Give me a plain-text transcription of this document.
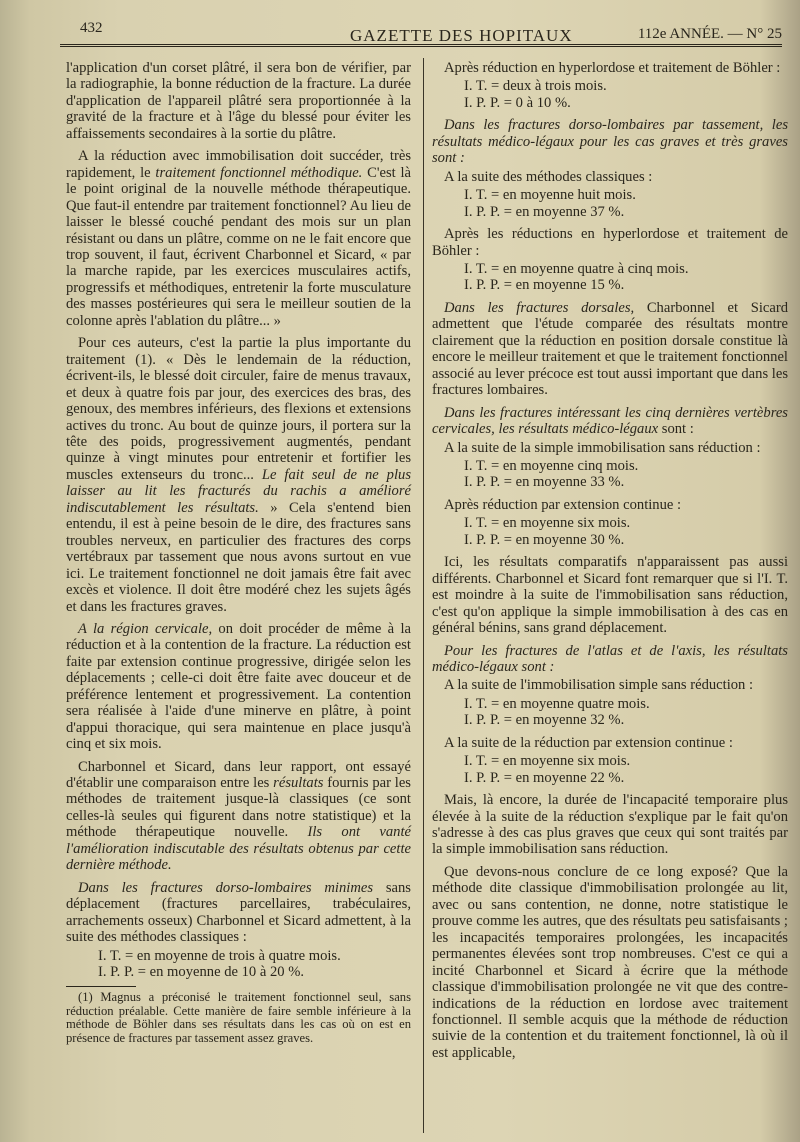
432	GAZETTE DES HOPITAUX	112e ANNÉE. — N° 25

l'application d'un corset plâtré, il sera bon de vérifier, par la radiographie, la bonne réduction de la fracture. La durée d'application de l'appareil plâtré sera proportionnée à la gravité de la fracture et à l'âge du blessé pour éviter les affaissements secondaires à la sortie du plâtre.

A la réduction avec immobilisation doit succéder, très rapidement, le traitement fonctionnel méthodique. C'est là le point original de la nouvelle méthode thérapeutique. Que faut-il entendre par traitement fonctionnel? Au lieu de laisser le blessé couché pendant des mois sur un plan résistant ou dans un plâtre, comme on ne le fait encore que trop souvent, il faut, écrivent Charbonnel et Sicard, « par la marche rapide, par les exercices musculaires actifs, progressifs et méthodiques, entretenir la forte musculature des masses postérieures qui sera le meilleur soutien de la colonne après l'ablation du plâtre... »

Pour ces auteurs, c'est la partie la plus importante du traitement (1). « Dès le lendemain de la réduction, écrivent-ils, le blessé doit circuler, faire de menus travaux, et deux à quatre fois par jour, des exercices des bras, des genoux, des membres inférieurs, des flexions et extensions actives du tronc. Au bout de quinze jours, il portera sur la tête des poids, progressivement augmentés, pendant quinze à vingt minutes pour entretenir et fortifier les muscles extenseurs du tronc... Le fait seul de ne plus laisser au lit les fracturés du rachis a amélioré indiscutablement les résultats. » Cela s'entend bien entendu, il est à peine besoin de le dire, des fractures sans troubles nerveux, en particulier des fractures des corps vertébraux par tassement que nous avons surtout en vue ici. Le traitement fonctionnel ne doit jamais être fait avec excès et violence. Il doit être modéré chez les sujets âgés et dans les fractures graves.

A la région cervicale, on doit procéder de même à la réduction et à la contention de la fracture. La réduction est faite par extension continue progressive, dirigée selon les déplacements ; celle-ci doit être faite avec douceur et de préférence lentement et progressivement. La contention sera réalisée à l'aide d'une minerve en plâtre, à point d'appui thoracique, qui sera maintenue en place jusqu'à cinq et six mois.

Charbonnel et Sicard, dans leur rapport, ont essayé d'établir une comparaison entre les résultats fournis par les méthodes de traitement jusque-là classiques (ce sont celles-là seules qui figurent dans notre statistique) et la méthode thérapeutique nouvelle. Ils ont vanté l'amélioration indiscutable des résultats obtenus par cette dernière méthode.

Dans les fractures dorso-lombaires minimes sans déplacement (fractures parcellaires, trabéculaires, arrachements osseux) Charbonnel et Sicard admettent, à la suite des méthodes classiques :

I. T. = en moyenne de trois à quatre mois.

I. P. P. = en moyenne de 10 à 20 %.

(1) Magnus a préconisé le traitement fonctionnel seul, sans réduction préalable. Cette manière de faire semble inférieure à la méthode de Böhler dans ses résultats dans les cas où on est en présence de fractures par tassement assez graves.

Après réduction en hyperlordose et traitement de Böhler :

I. T. = deux à trois mois.

I. P. P. = 0 à 10 %.

Dans les fractures dorso-lombaires par tassement, les résultats médico-légaux pour les cas graves et très graves sont :

A la suite des méthodes classiques :

I. T. = en moyenne huit mois.

I. P. P. = en moyenne 37 %.

Après les réductions en hyperlordose et traitement de Böhler :

I. T. = en moyenne quatre à cinq mois.

I. P. P. = en moyenne 15 %.

Dans les fractures dorsales, Charbonnel et Sicard admettent que l'étude comparée des résultats montre clairement que la réduction en position dorsale constitue là encore le meilleur traitement et que le traitement fonctionnel associé au lever précoce est tout aussi important que dans les fractures lombaires.

Dans les fractures intéressant les cinq dernières vertèbres cervicales, les résultats médico-légaux sont :

A la suite de la simple immobilisation sans réduction :

I. T. = en moyenne cinq mois.

I. P. P. = en moyenne 33 %.

Après réduction par extension continue :

I. T. = en moyenne six mois.

I. P. P. = en moyenne 30 %.

Ici, les résultats comparatifs n'apparaissent pas aussi différents. Charbonnel et Sicard font remarquer que si l'I. T. est moindre à la suite de l'immobilisation sans réduction, c'est qu'on applique la simple immobilisation à des cas en général bénins, sans grand déplacement.

Pour les fractures de l'atlas et de l'axis, les résultats médico-légaux sont :

A la suite de l'immobilisation simple sans réduction :

I. T. = en moyenne quatre mois.

I. P. P. = en moyenne 32 %.

A la suite de la réduction par extension continue :

I. T. = en moyenne six mois.

I. P. P. = en moyenne 22 %.

Mais, là encore, la durée de l'incapacité temporaire plus élevée à la suite de la réduction s'explique par le fait qu'on s'adresse à des cas plus graves que ceux qui sont traités par la simple immobilisation sans réduction.

Que devons-nous conclure de ce long exposé? Que la méthode dite classique d'immobilisation prolongée au lit, avec ou sans contention, ne donne, notre statistique le prouve comme les autres, que des résultats peu satisfaisants ; les incapacités temporaires prolongées, les incapacités permanentes élevées sont trop nombreuses. C'est ce qui a incité Charbonnel et Sicard à écrire que la méthode classique d'immobilisation prolongée ne vit que des contre-indications de la réduction en lordose avec traitement fonctionnel. Il semble acquis que la méthode de réduction suivie de la contention et du traitement fonctionnel, là où il est applicable,
